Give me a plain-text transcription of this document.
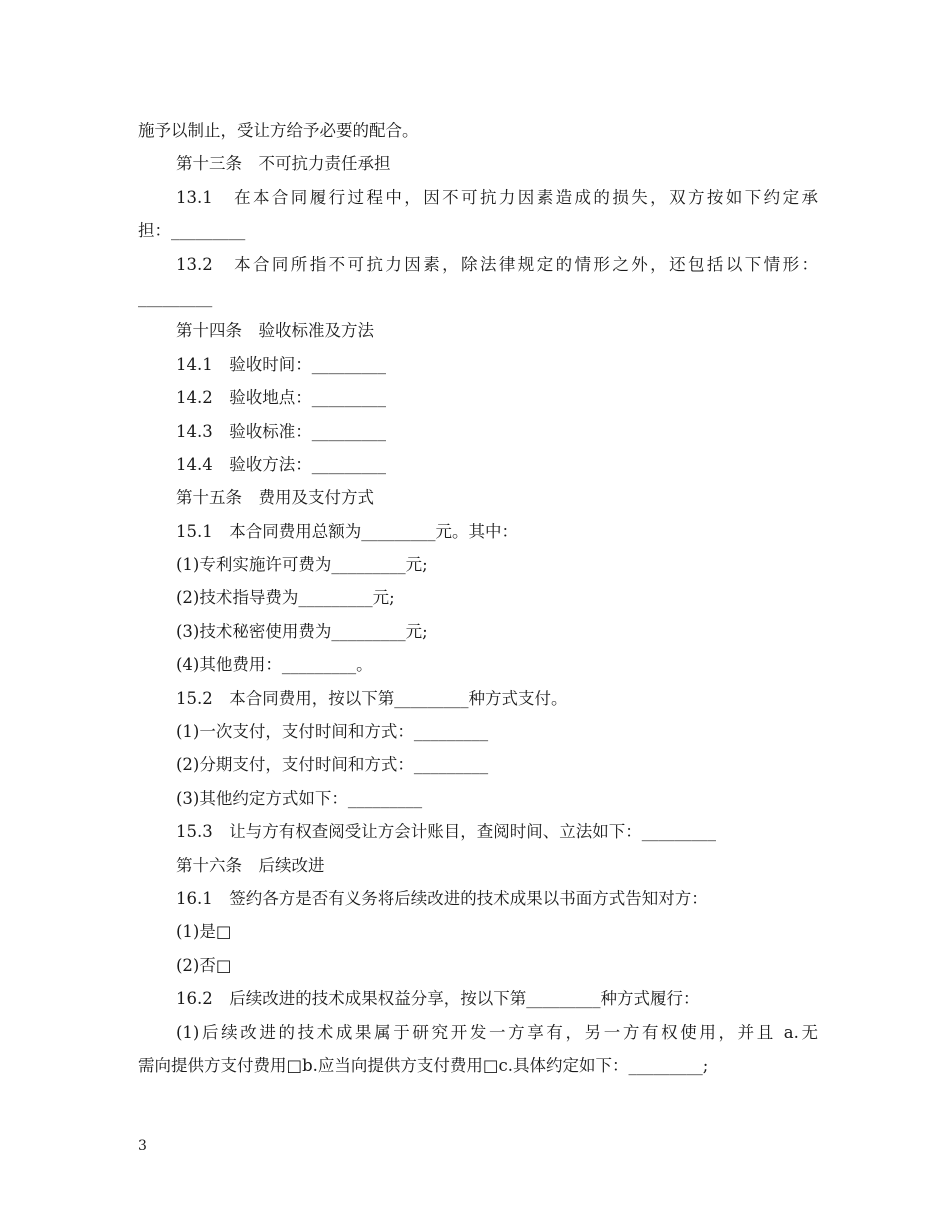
施予以制止，受让方给予必要的配合。
第十三条　不可抗力责任承担
13.1　在本合同履行过程中，因不可抗力因素造成的损失，双方按如下约定承
担：_________
13.2　本合同所指不可抗力因素，除法律规定的情形之外，还包括以下情形：
_________
第十四条　验收标准及方法
14.1　验收时间：_________
14.2　验收地点：_________
14.3　验收标准：_________
14.4　验收方法：_________
第十五条　费用及支付方式
15.1　本合同费用总额为_________元。其中：
(1)专利实施许可费为_________元;
(2)技术指导费为_________元;
(3)技术秘密使用费为_________元;
(4)其他费用：_________。
15.2　本合同费用，按以下第_________种方式支付。
(1)一次支付，支付时间和方式：_________
(2)分期支付，支付时间和方式：_________
(3)其他约定方式如下：_________
15.3　让与方有权查阅受让方会计账目，查阅时间、立法如下：_________
第十六条　后续改进
16.1　签约各方是否有义务将后续改进的技术成果以书面方式告知对方：
(1)是□
(2)否□
16.2　后续改进的技术成果权益分享，按以下第_________种方式履行：
(1)后续改进的技术成果属于研究开发一方享有，另一方有权使用，并且 a.无
需向提供方支付费用□b.应当向提供方支付费用□c.具体约定如下：_________;
3
